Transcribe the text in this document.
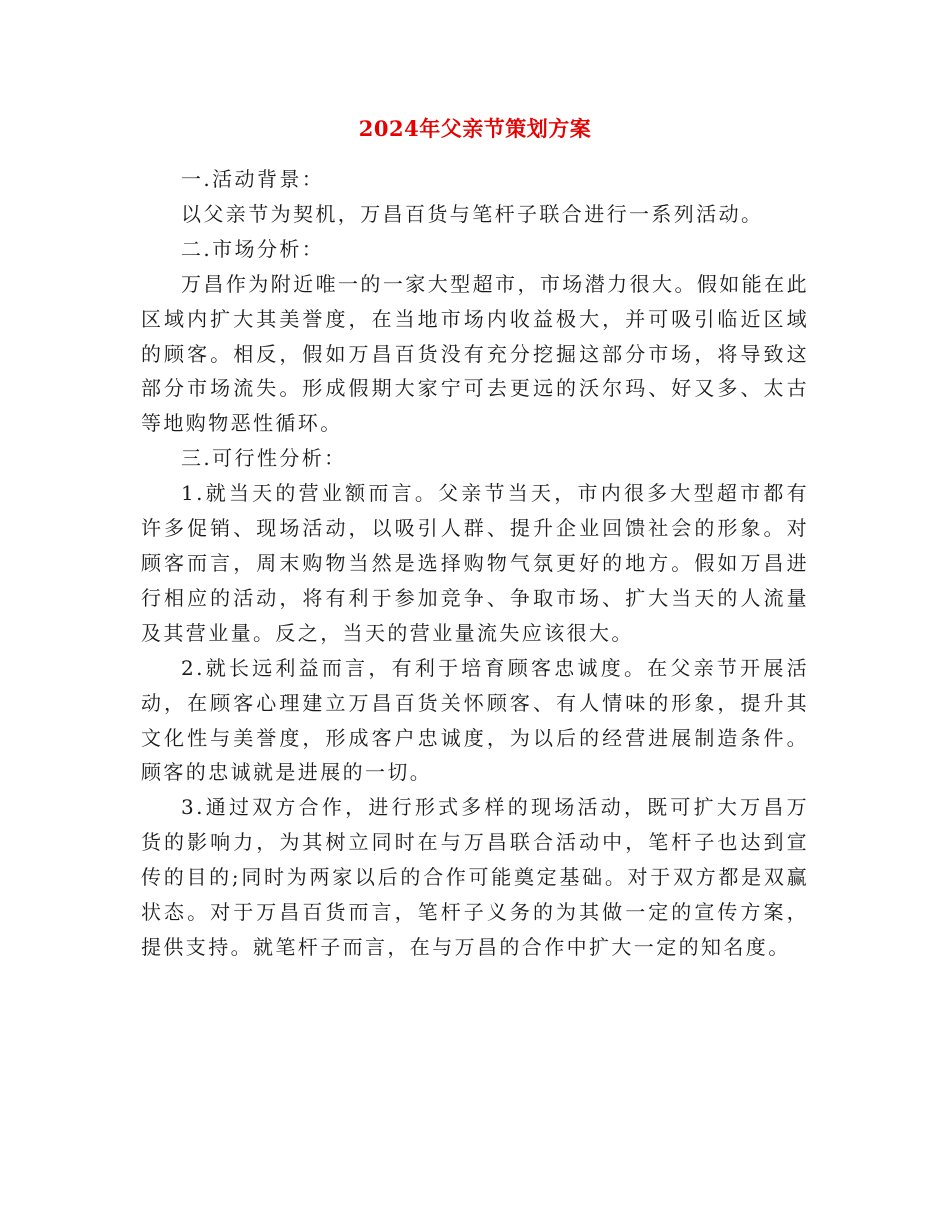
2024年父亲节策划方案

一.活动背景：

以父亲节为契机，万昌百货与笔杆子联合进行一系列活动。

二.市场分析：

万昌作为附近唯一的一家大型超市，市场潜力很大。假如能在此区域内扩大其美誉度，在当地市场内收益极大，并可吸引临近区域的顾客。相反，假如万昌百货没有充分挖掘这部分市场，将导致这部分市场流失。形成假期大家宁可去更远的沃尔玛、好又多、太古等地购物恶性循环。

三.可行性分析：

1.就当天的营业额而言。父亲节当天，市内很多大型超市都有许多促销、现场活动，以吸引人群、提升企业回馈社会的形象。对顾客而言，周末购物当然是选择购物气氛更好的地方。假如万昌进行相应的活动，将有利于参加竞争、争取市场、扩大当天的人流量及其营业量。反之，当天的营业量流失应该很大。

2.就长远利益而言，有利于培育顾客忠诚度。在父亲节开展活动，在顾客心理建立万昌百货关怀顾客、有人情味的形象，提升其文化性与美誉度，形成客户忠诚度，为以后的经营进展制造条件。顾客的忠诚就是进展的一切。

3.通过双方合作，进行形式多样的现场活动，既可扩大万昌万货的影响力，为其树立同时在与万昌联合活动中，笔杆子也达到宣传的目的;同时为两家以后的合作可能奠定基础。对于双方都是双赢状态。对于万昌百货而言，笔杆子义务的为其做一定的宣传方案，提供支持。就笔杆子而言，在与万昌的合作中扩大一定的知名度。
